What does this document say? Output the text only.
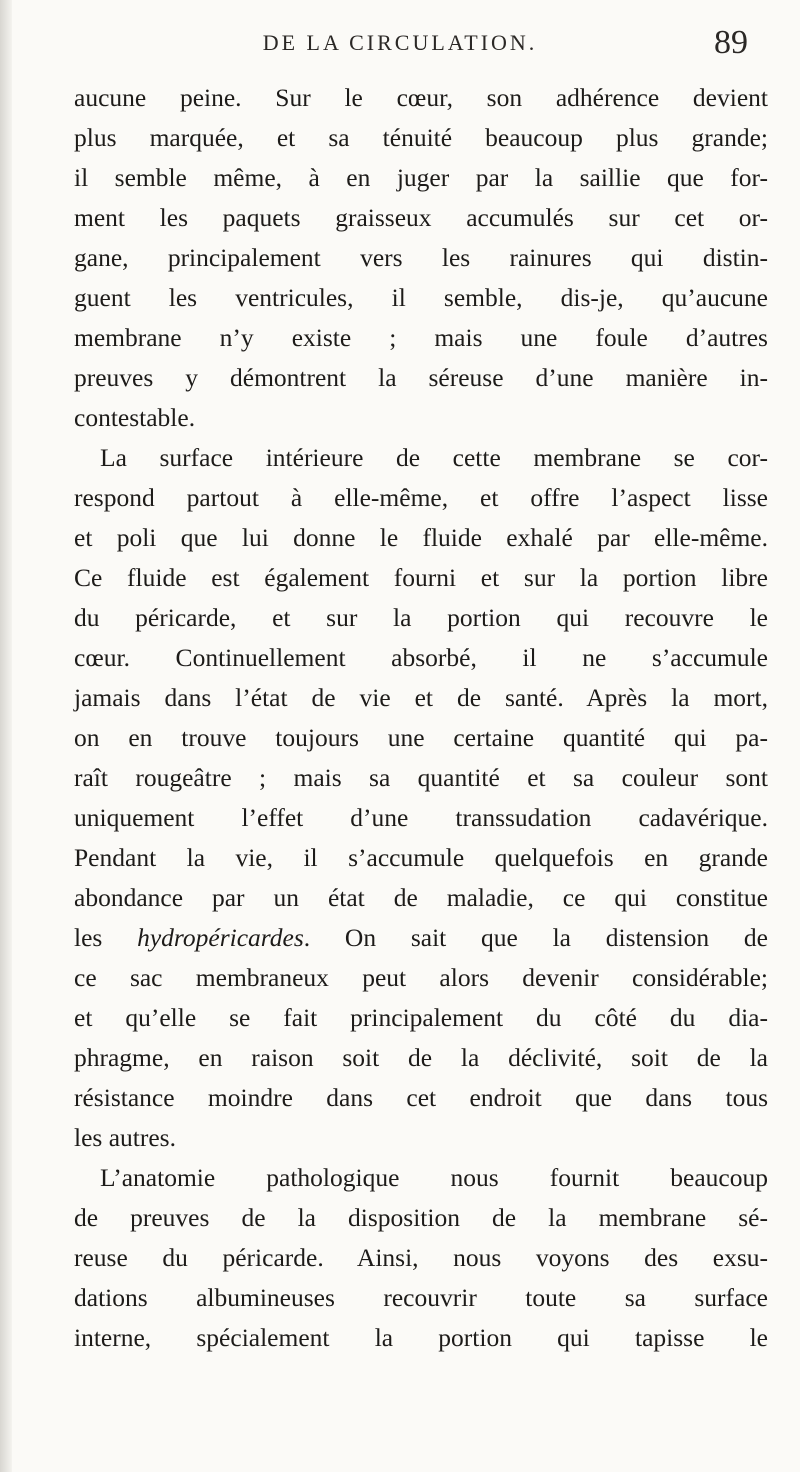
DE LA CIRCULATION.	89
aucune peine. Sur le cœur, son adhérence devient
plus marquée, et sa ténuité beaucoup plus grande;
il semble même, à en juger par la saillie que for-
ment les paquets graisseux accumulés sur cet or-
gane, principalement vers les rainures qui distin-
guent les ventricules, il semble, dis-je, qu’aucune
membrane n’y existe ; mais une foule d’autres
preuves y démontrent la séreuse d’une manière in-
contestable.
La surface intérieure de cette membrane se cor-
respond partout à elle-même, et offre l’aspect lisse
et poli que lui donne le fluide exhalé par elle-même.
Ce fluide est également fourni et sur la portion libre
du péricarde, et sur la portion qui recouvre le
cœur. Continuellement absorbé, il ne s’accumule
jamais dans l’état de vie et de santé. Après la mort,
on en trouve toujours une certaine quantité qui pa-
raît rougeâtre ; mais sa quantité et sa couleur sont
uniquement l’effet d’une transsudation cadavérique.
Pendant la vie, il s’accumule quelquefois en grande
abondance par un état de maladie, ce qui constitue
les hydropéricardes. On sait que la distension de
ce sac membraneux peut alors devenir considérable;
et qu’elle se fait principalement du côté du dia-
phragme, en raison soit de la déclivité, soit de la
résistance moindre dans cet endroit que dans tous
les autres.
L’anatomie pathologique nous fournit beaucoup
de preuves de la disposition de la membrane sé-
reuse du péricarde. Ainsi, nous voyons des exsu-
dations albumineuses recouvrir toute sa surface
interne, spécialement la portion qui tapisse le
